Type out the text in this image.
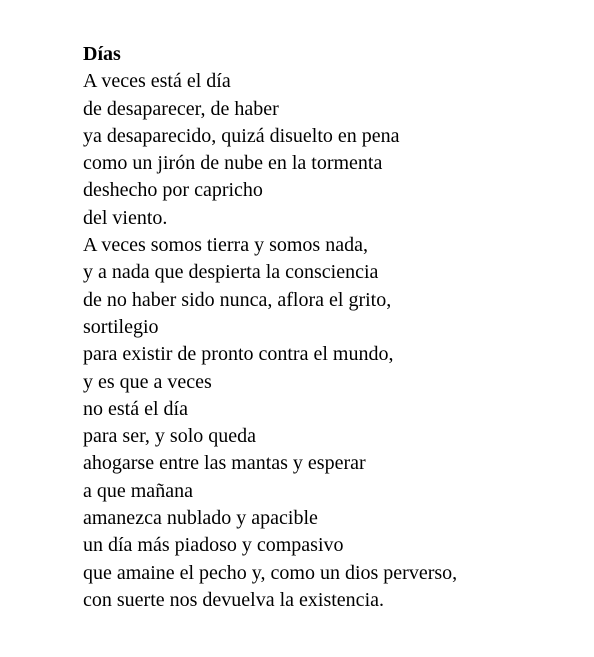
Días
A veces está el día
de desaparecer, de haber
ya desaparecido, quizá disuelto en pena
como un jirón de nube en la tormenta
deshecho por capricho
del viento.
A veces somos tierra y somos nada,
y a nada que despierta la consciencia
de no haber sido nunca, aflora el grito,
sortilegio
para existir de pronto contra el mundo,
y es que a veces
no está el día
para ser, y solo queda
ahogarse entre las mantas y esperar
a que mañana
amanezca nublado y apacible
un día más piadoso y compasivo
que amaine el pecho y, como un dios perverso,
con suerte nos devuelva la existencia.
